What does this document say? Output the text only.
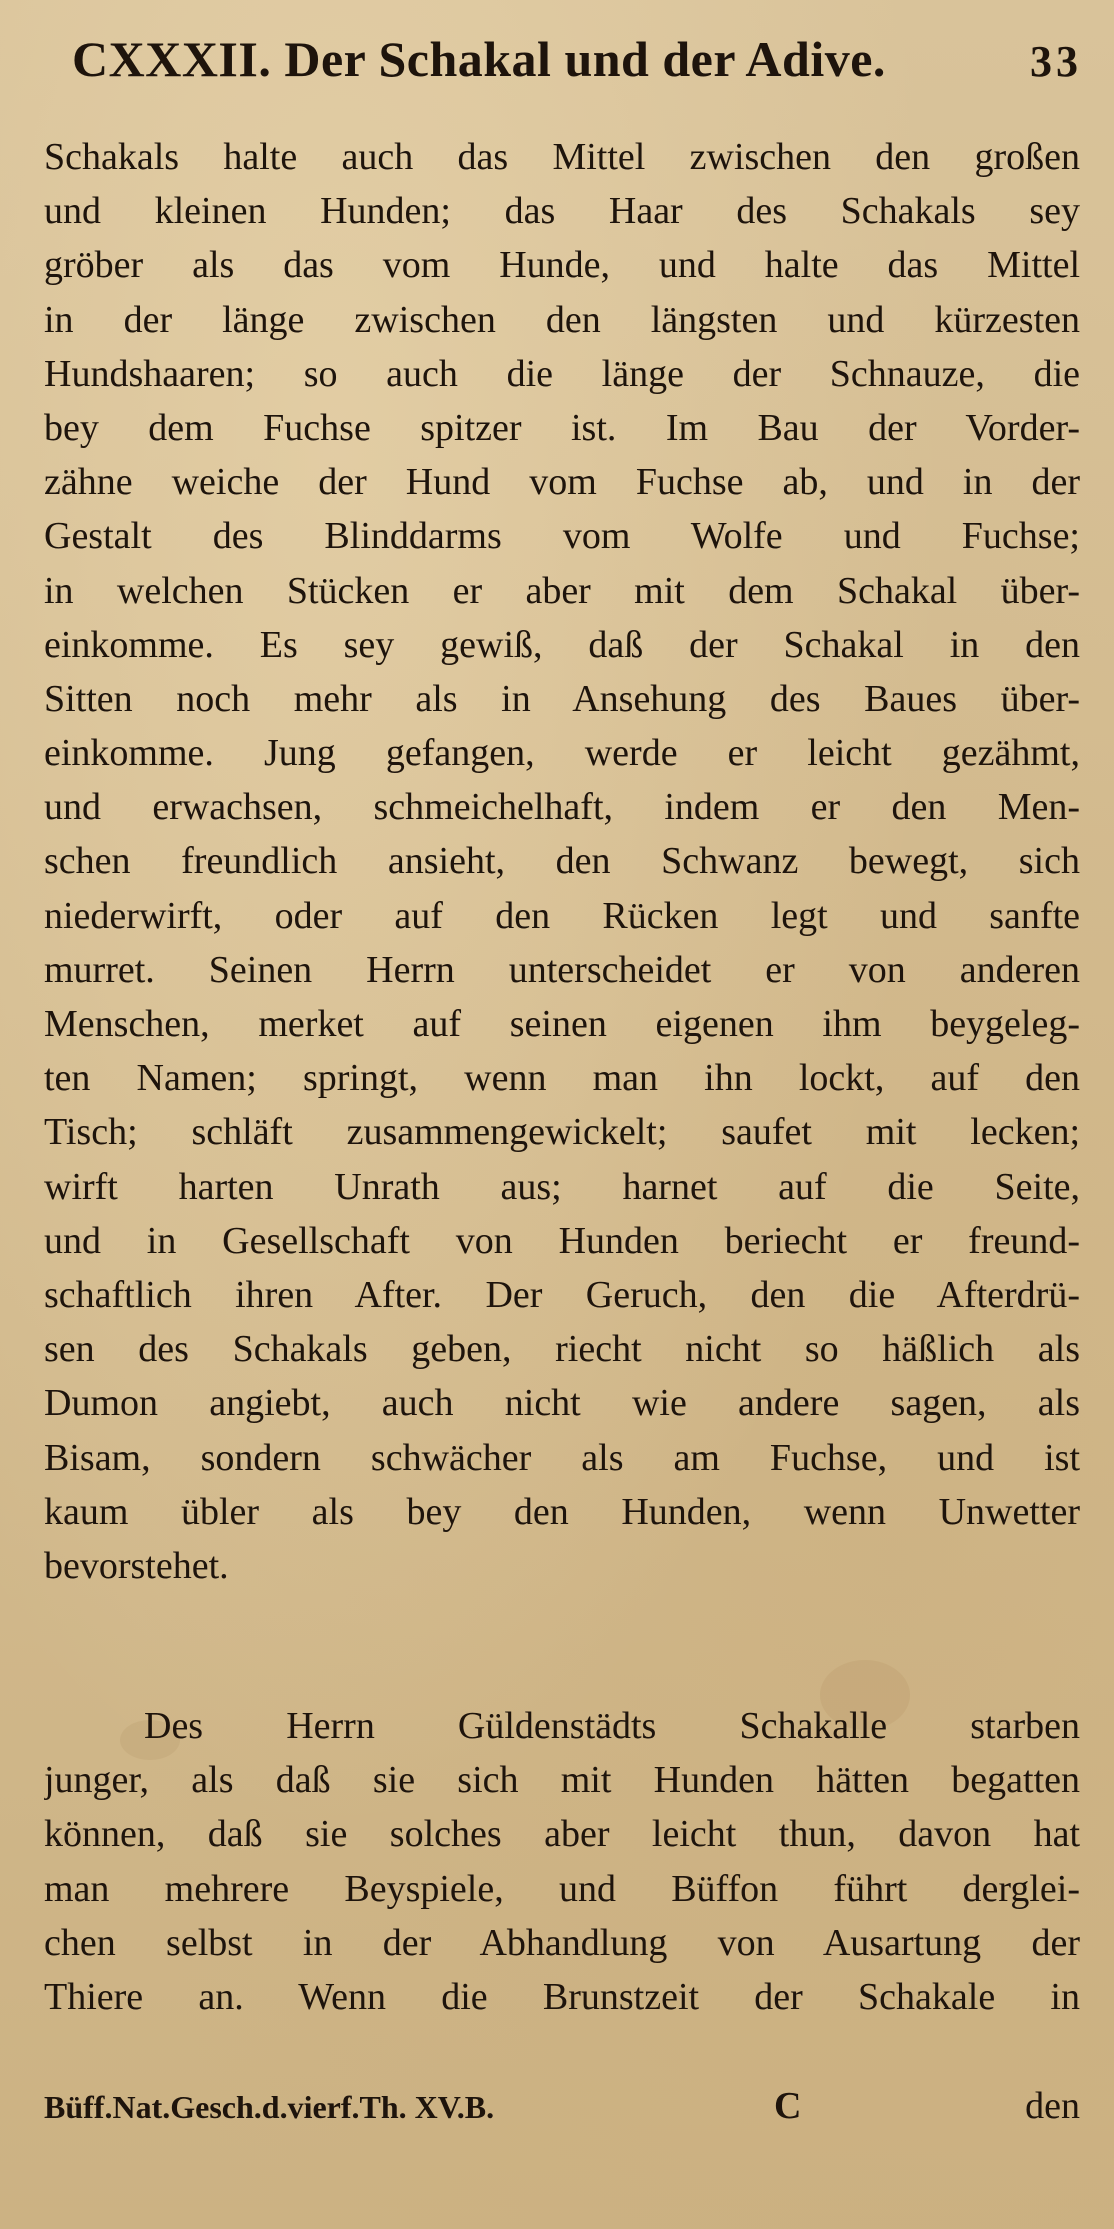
CXXXII. Der Schakal und der Adive.	33
Schakals halte auch das Mittel zwischen den großen
und kleinen Hunden; das Haar des Schakals sey
gröber als das vom Hunde, und halte das Mittel
in der länge zwischen den längsten und kürzesten
Hundshaaren; so auch die länge der Schnauze, die
bey dem Fuchse spitzer ist. Im Bau der Vorder-
zähne weiche der Hund vom Fuchse ab, und in der
Gestalt des Blinddarms vom Wolfe und Fuchse;
in welchen Stücken er aber mit dem Schakal über-
einkomme. Es sey gewiß, daß der Schakal in den
Sitten noch mehr als in Ansehung des Baues über-
einkomme. Jung gefangen, werde er leicht gezähmt,
und erwachsen, schmeichelhaft, indem er den Men-
schen freundlich ansieht, den Schwanz bewegt, sich
niederwirft, oder auf den Rücken legt und sanfte
murret. Seinen Herrn unterscheidet er von anderen
Menschen, merket auf seinen eigenen ihm beygeleg-
ten Namen; springt, wenn man ihn lockt, auf den
Tisch; schläft zusammengewickelt; saufet mit lecken;
wirft harten Unrath aus; harnet auf die Seite,
und in Gesellschaft von Hunden beriecht er freund-
schaftlich ihren After. Der Geruch, den die Afterdrü-
sen des Schakals geben, riecht nicht so häßlich als
Dumon angiebt, auch nicht wie andere sagen, als
Bisam, sondern schwächer als am Fuchse, und ist
kaum übler als bey den Hunden, wenn Unwetter
bevorstehet.
Des Herrn Güldenstädts Schakalle starben
junger, als daß sie sich mit Hunden hätten begatten
können, daß sie solches aber leicht thun, davon hat
man mehrere Beyspiele, und Büffon führt derglei-
chen selbst in der Abhandlung von Ausartung der
Thiere an. Wenn die Brunstzeit der Schakale in
Büff.Nat.Gesch.d.vierf.Th. XV.B.	C	den
